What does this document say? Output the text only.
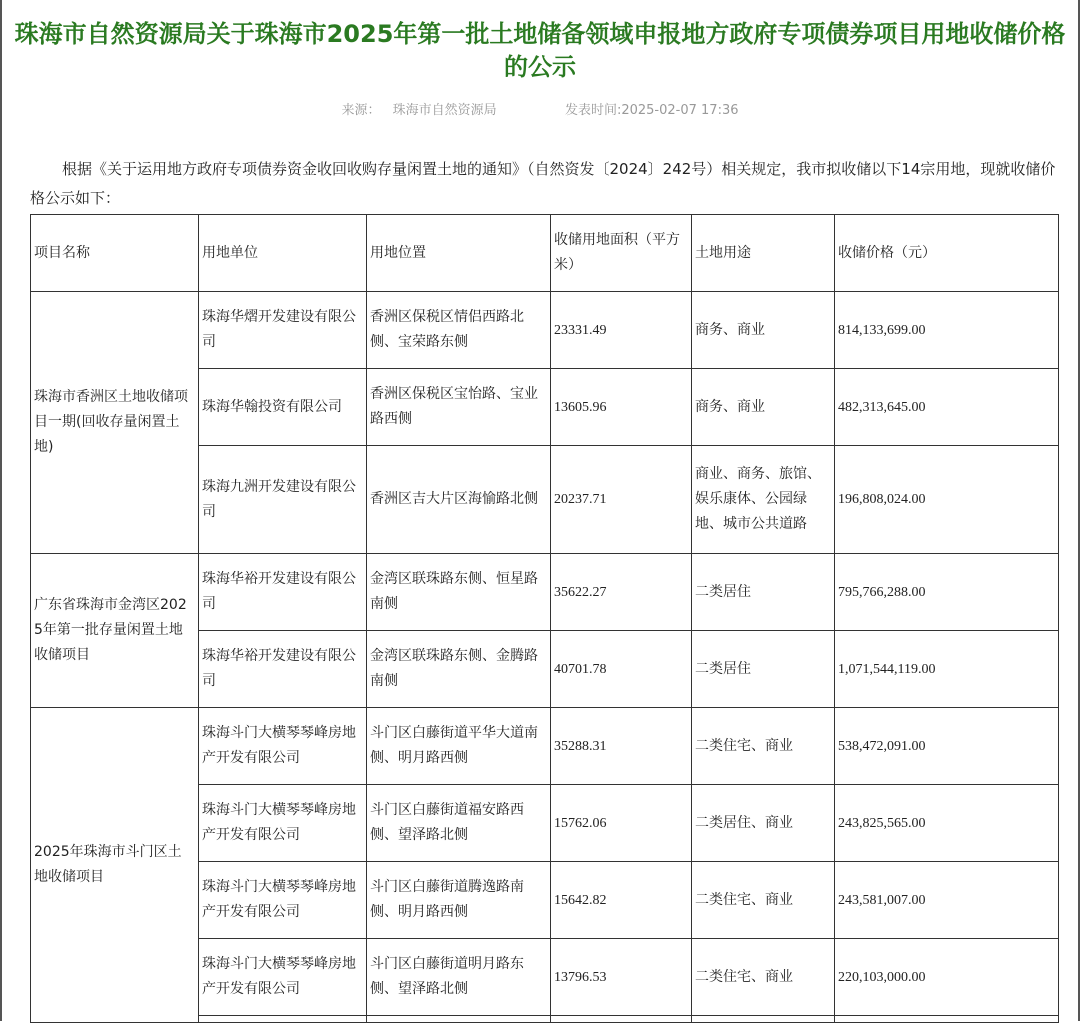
珠海市自然资源局关于珠海市2025年第一批土地储备领域申报地方政府专项债券项目用地收储价格的公示
来源： 珠海市自然资源局	发表时间:2025-02-07 17:36
根据《关于运用地方政府专项债券资金收回收购存量闲置土地的通知》（自然资发〔2024〕242号）相关规定，我市拟收储以下14宗用地，现就收储价格公示如下：
项目名称	用地单位	用地位置	收储用地面积（平方米）	土地用途	收储价格（元）
珠海市香洲区土地收储项目一期(回收存量闲置土地)	珠海华熠开发建设有限公司	香洲区保税区情侣西路北侧、宝荣路东侧	23331.49	商务、商业	814,133,699.00
	珠海华翰投资有限公司	香洲区保税区宝怡路、宝业路西侧	13605.96	商务、商业	482,313,645.00
	珠海九洲开发建设有限公司	香洲区吉大片区海愉路北侧	20237.71	商业、商务、旅馆、娱乐康体、公园绿地、城市公共道路	196,808,024.00
广东省珠海市金湾区2025年第一批存量闲置土地收储项目	珠海华裕开发建设有限公司	金湾区联珠路东侧、恒星路南侧	35622.27	二类居住	795,766,288.00
	珠海华裕开发建设有限公司	金湾区联珠路东侧、金腾路南侧	40701.78	二类居住	1,071,544,119.00
2025年珠海市斗门区土地收储项目	珠海斗门大横琴琴峰房地产开发有限公司	斗门区白藤街道平华大道南侧、明月路西侧	35288.31	二类住宅、商业	538,472,091.00
	珠海斗门大横琴琴峰房地产开发有限公司	斗门区白藤街道福安路西侧、望泽路北侧	15762.06	二类居住、商业	243,825,565.00
	珠海斗门大横琴琴峰房地产开发有限公司	斗门区白藤街道腾逸路南侧、明月路西侧	15642.82	二类住宅、商业	243,581,007.00
	珠海斗门大横琴琴峰房地产开发有限公司	斗门区白藤街道明月路东侧、望泽路北侧	13796.53	二类住宅、商业	220,103,000.00
